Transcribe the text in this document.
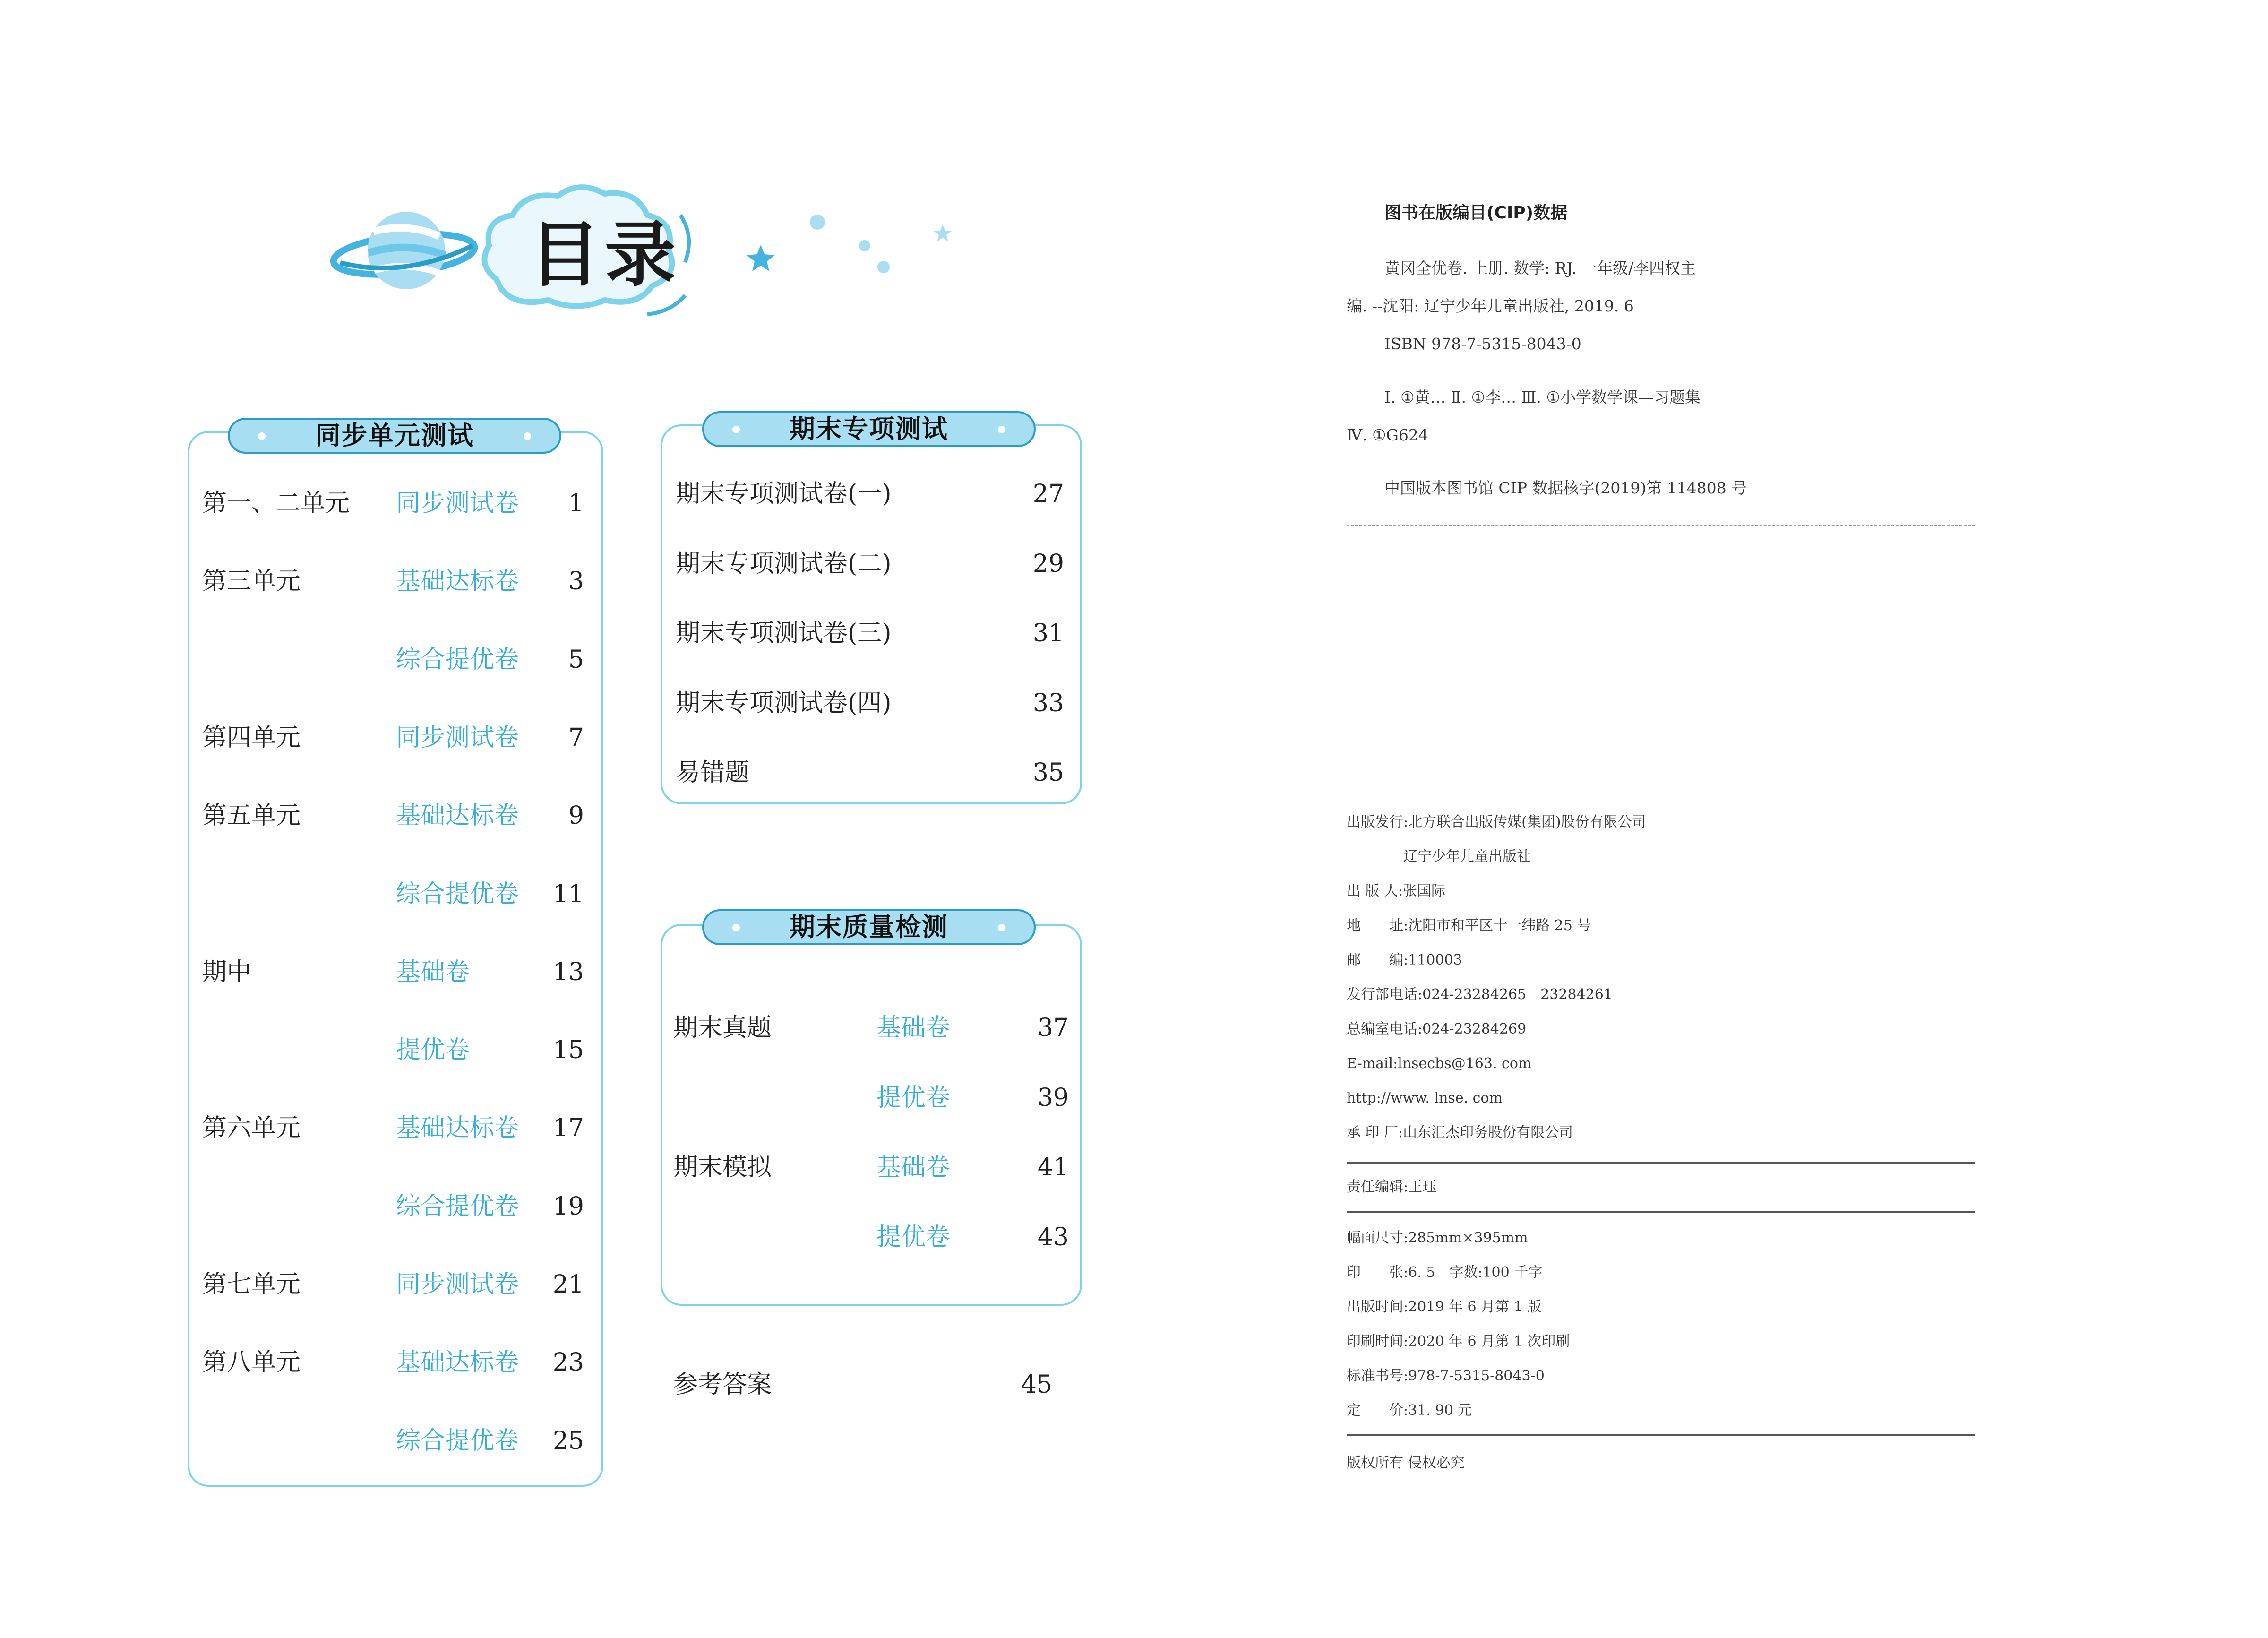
目录
同步单元测试
第一、二单元 同步测试卷 1
第三单元	基础达标卷 3
综合提优卷 5
第四单元	同步测试卷 7
第五单元	基础达标卷 9
综合提优卷 11
期中	基础卷	13
提优卷	15
第六单元	基础达标卷 17
综合提优卷 19
第七单元	同步测试卷 21
第八单元	基础达标卷 23
综合提优卷 25
期末专项测试
期末专项测试卷(一)	27
期末专项测试卷(二)	29
期末专项测试卷(三)	31
期末专项测试卷(四)	33
易错题	35
期末质量检测
期末真题	基础卷	37
提优卷	39
期末模拟	基础卷	41
提优卷	43
参考答案	45
图书在版编目(CIP)数据
黄冈全优卷. 上册. 数学: RJ. 一年级/李四权主
编. --沈阳: 辽宁少年儿童出版社, 2019. 6
ISBN 978-7-5315-8043-0
Ⅰ. ①黄… Ⅱ. ①李… Ⅲ. ①小学数学课—习题集
Ⅳ. ①G624
中国版本图书馆 CIP 数据核字(2019)第 114808 号
出版发行:北方联合出版传媒(集团)股份有限公司
　　　　辽宁少年儿童出版社
出 版 人:张国际
地　　址:沈阳市和平区十一纬路 25 号
邮　　编:110003
发行部电话:024-23284265　23284261
总编室电话:024-23284269
E-mail:lnsecbs@163. com
http://www. lnse. com
承 印 厂:山东汇杰印务股份有限公司
责任编辑:王珏
幅面尺寸:285mm×395mm
印　　张:6. 5　字数:100 千字
出版时间:2019 年 6 月第 1 版
印刷时间:2020 年 6 月第 1 次印刷
标准书号:978-7-5315-8043-0
定　　价:31. 90 元
版权所有 侵权必究
